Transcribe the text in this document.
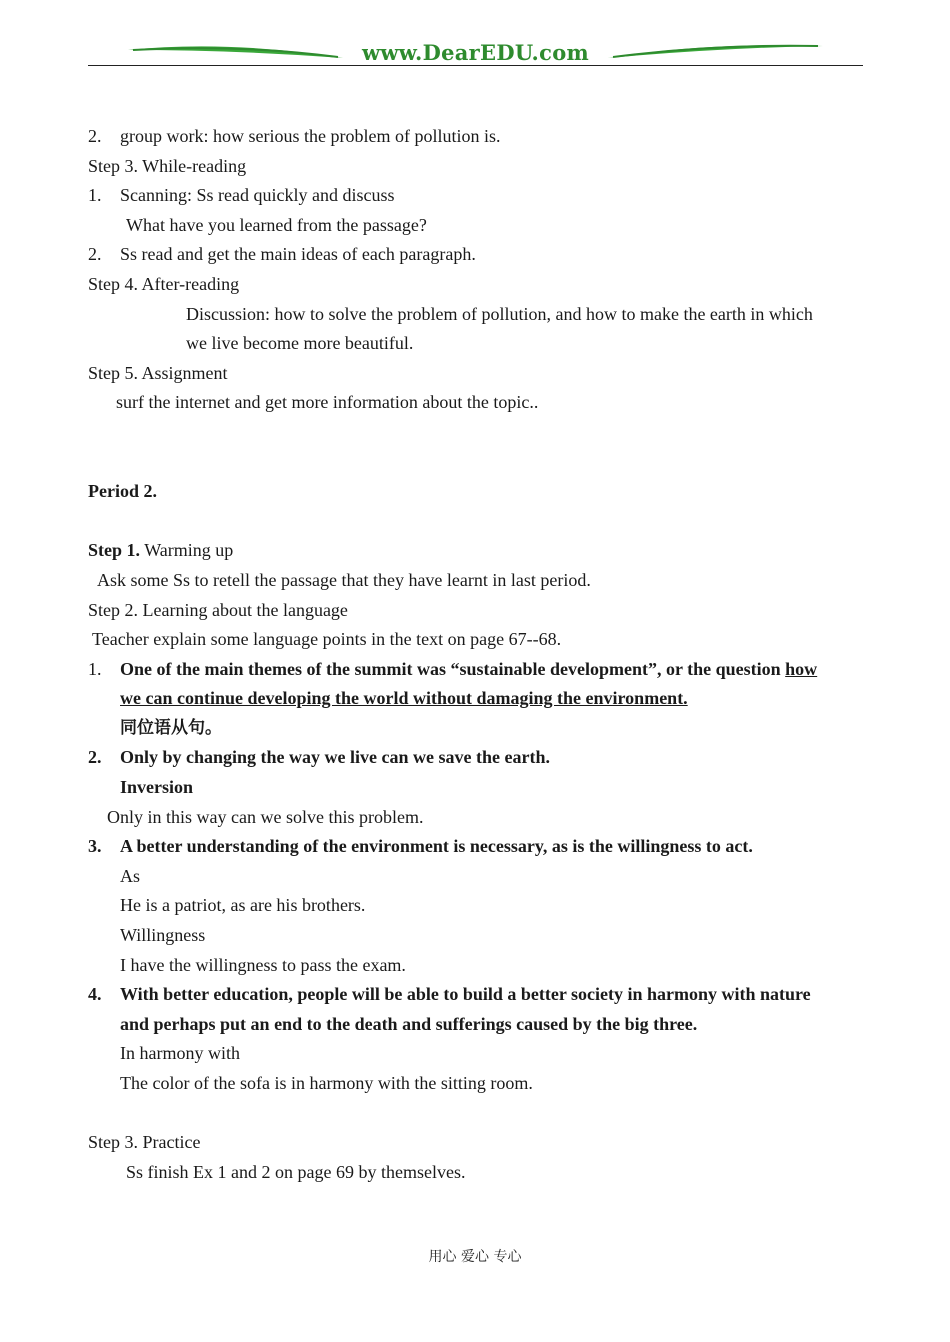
www.DearEDU.com
2. group work: how serious the problem of pollution is.
Step 3. While-reading
1. Scanning: Ss read quickly and discuss
What have you learned from the passage?
2. Ss read and get the main ideas of each paragraph.
Step 4. After-reading
Discussion: how to solve the problem of pollution, and how to make the earth in which
we live become more beautiful.
Step 5. Assignment
surf the internet and get more information about the topic..
Period 2.
Step 1. Warming up
Ask some Ss to retell the passage that they have learnt in last period.
Step 2. Learning about the language
Teacher explain some language points in the text on page 67--68.
1. One of the main themes of the summit was “sustainable development”, or the question how
we can continue developing the world without damaging the environment.
同位语从句。
2. Only by changing the way we live can we save the earth.
Inversion
Only in this way can we solve this problem.
3. A better understanding of the environment is necessary, as is the willingness to act.
As
He is a patriot, as are his brothers.
Willingness
I have the willingness to pass the exam.
4. With better education, people will be able to build a better society in harmony with nature
and perhaps put an end to the death and sufferings caused by the big three.
In harmony with
The color of the sofa is in harmony with the sitting room.
Step 3. Practice
Ss finish Ex 1 and 2 on page 69 by themselves.
用心 爱心 专心
